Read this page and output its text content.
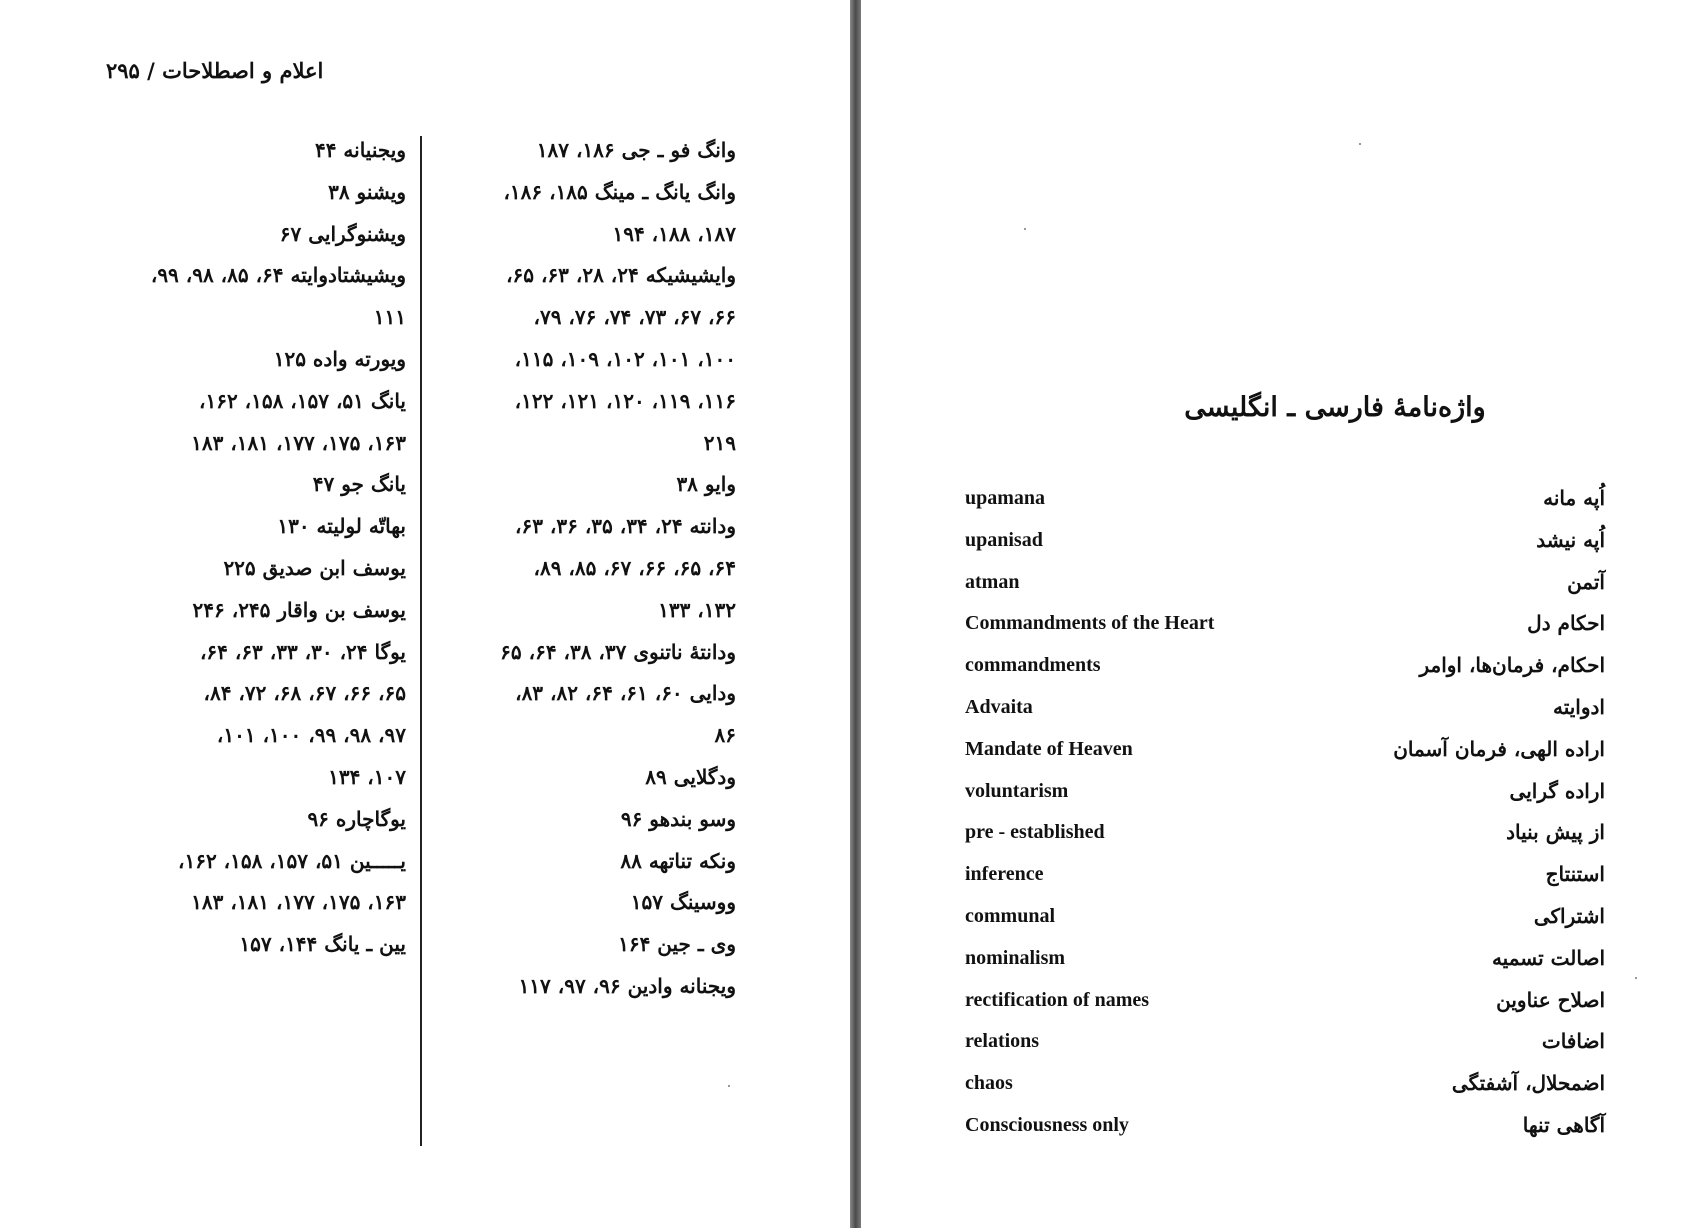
اعلام و اصطلاحات / ۲۹۵
وانگ فو ـ جی ۱۸۶، ۱۸۷
وانگ یانگ ـ مینگ ۱۸۵، ۱۸۶،
۱۸۷، ۱۸۸، ۱۹۴
وایشیشیکه ۲۴، ۲۸، ۶۳، ۶۵،
۶۶، ۶۷، ۷۳، ۷۴، ۷۶، ۷۹،
۱۰۰، ۱۰۱، ۱۰۲، ۱۰۹، ۱۱۵،
۱۱۶، ۱۱۹، ۱۲۰، ۱۲۱، ۱۲۲،
۲۱۹
وایو ۳۸
ودانته ۲۴، ۳۴، ۳۵، ۳۶، ۶۳،
۶۴، ۶۵، ۶۶، ۶۷، ۸۵، ۸۹،
۱۳۲، ۱۳۳
ودانتهٔ ناتنوی ۳۷، ۳۸، ۶۴، ۶۵
ودایی ۶۰، ۶۱، ۶۴، ۸۲، ۸۳،
۸۶
ودگلایی ۸۹
وسو بندهو ۹۶
ونکه تناتهه ۸۸
ووسینگ ۱۵۷
وی ـ جین ۱۶۴
ویجنانه وادین ۹۶، ۹۷، ۱۱۷
ویجنیانه ۴۴
ویشنو ۳۸
ویشنوگرایی ۶۷
ویشیشتادوایته ۶۴، ۸۵، ۹۸، ۹۹،
۱۱۱
ویورته واده ۱۲۵
یانگ ۵۱، ۱۵۷، ۱۵۸، ۱۶۲،
۱۶۳، ۱۷۵، ۱۷۷، ۱۸۱، ۱۸۳
یانگ جو ۴۷
بهاتّه لولیته ۱۳۰
یوسف ابن صدیق ۲۲۵
یوسف بن واقار ۲۴۵، ۲۴۶
یوگا ۲۴، ۳۰، ۳۳، ۶۳، ۶۴،
۶۵، ۶۶، ۶۷، ۶۸، ۷۲، ۸۴،
۹۷، ۹۸، ۹۹، ۱۰۰، ۱۰۱،
۱۰۷، ۱۳۴
یوگاچاره ۹۶
یـــــین ۵۱، ۱۵۷، ۱۵۸، ۱۶۲،
۱۶۳، ۱۷۵، ۱۷۷، ۱۸۱، ۱۸۳
یین ـ یانگ ۱۴۴، ۱۵۷
واژه‌نامهٔ فارسی ـ انگلیسی
upamana	اُپه مانه
upanisad	اُپه نیشد
atman	آتمن
Commandments of the Heart	احکام دل
commandments	احکام، فرمان‌ها، اوامر
Advaita	ادوایته
Mandate of Heaven	اراده الهی، فرمان آسمان
voluntarism	اراده گرایی
pre - established	از پیش بنیاد
inference	استنتاج
communal	اشتراکی
nominalism	اصالت تسمیه
rectification of names	اصلاح عناوین
relations	اضافات
chaos	اضمحلال، آشفتگی
Consciousness only	آگاهی تنها
